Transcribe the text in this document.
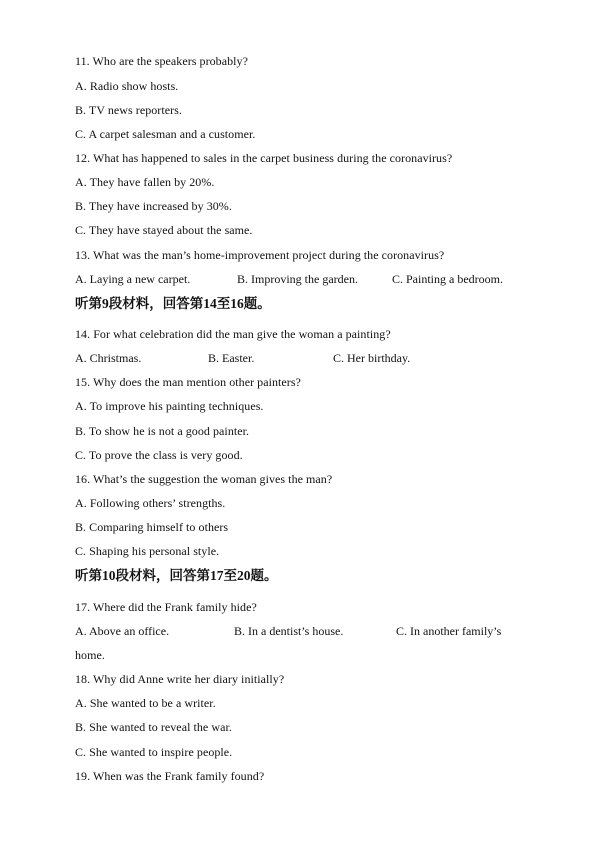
11. Who are the speakers probably?
A. Radio show hosts.
B. TV news reporters.
C. A carpet salesman and a customer.
12. What has happened to sales in the carpet business during the coronavirus?
A. They have fallen by 20%.
B. They have increased by 30%.
C. They have stayed about the same.
13. What was the man’s home-improvement project during the coronavirus?
A. Laying a new carpet.	B. Improving the garden.	C. Painting a bedroom.
听第9段材料，回答第14至16题。
14. For what celebration did the man give the woman a painting?
A. Christmas.	B. Easter.	C. Her birthday.
15. Why does the man mention other painters?
A. To improve his painting techniques.
B. To show he is not a good painter.
C. To prove the class is very good.
16. What’s the suggestion the woman gives the man?
A. Following others’ strengths.
B. Comparing himself to others
C. Shaping his personal style.
听第10段材料，回答第17至20题。
17. Where did the Frank family hide?
A. Above an office.	B. In a dentist’s house.	C. In another family’s
home.
18. Why did Anne write her diary initially?
A. She wanted to be a writer.
B. She wanted to reveal the war.
C. She wanted to inspire people.
19. When was the Frank family found?
